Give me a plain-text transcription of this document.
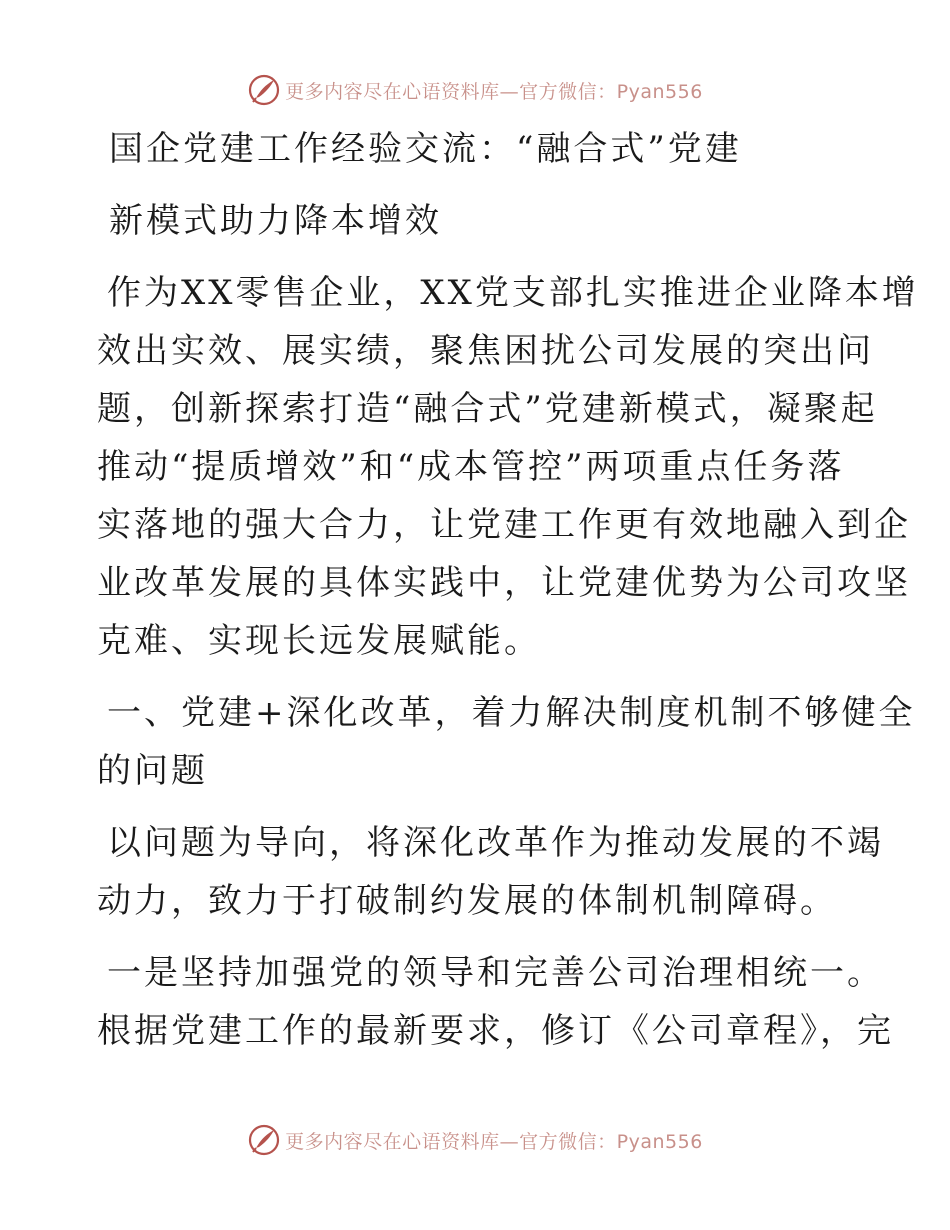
更多内容尽在心语资料库—官方微信：Pyan556
国企党建工作经验交流：“融合式”党建
新模式助力降本增效
作为XX零售企业，XX党支部扎实推进企业降本增
效出实效、展实绩，聚焦困扰公司发展的突出问
题，创新探索打造“融合式”党建新模式，凝聚起
推动“提质增效”和“成本管控”两项重点任务落
实落地的强大合力，让党建工作更有效地融入到企
业改革发展的具体实践中，让党建优势为公司攻坚
克难、实现长远发展赋能。
一、党建+深化改革，着力解决制度机制不够健全
的问题
以问题为导向，将深化改革作为推动发展的不竭
动力，致力于打破制约发展的体制机制障碍。
一是坚持加强党的领导和完善公司治理相统一。
根据党建工作的最新要求，修订《公司章程》，完
更多内容尽在心语资料库—官方微信：Pyan556
